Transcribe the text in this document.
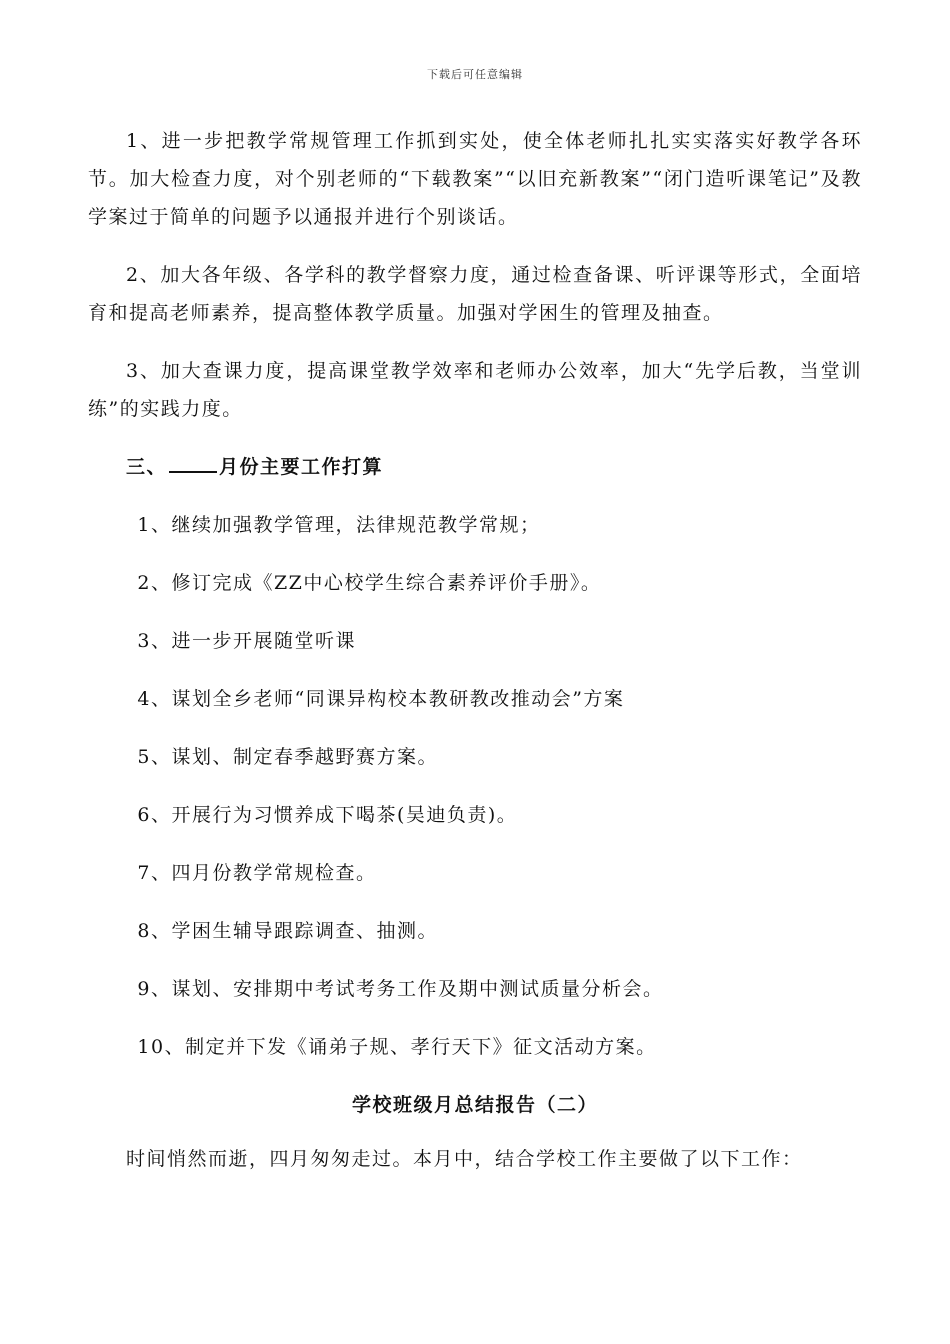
下载后可任意编辑

1、进一步把教学常规管理工作抓到实处，使全体老师扎扎实实落实好教学各环节。加大检查力度，对个别老师的“下载教案”“以旧充新教案”“闭门造听课笔记”及教学案过于简单的问题予以通报并进行个别谈话。

2、加大各年级、各学科的教学督察力度，通过检查备课、听评课等形式，全面培育和提高老师素养，提高整体教学质量。加强对学困生的管理及抽查。

3、加大查课力度，提高课堂教学效率和老师办公效率，加大“先学后教，当堂训练”的实践力度。

三、	月份主要工作打算

1、继续加强教学管理，法律规范教学常规；

2、修订完成《ZZ中心校学生综合素养评价手册》。

3、进一步开展随堂听课

4、谋划全乡老师“同课异构校本教研教改推动会”方案

5、谋划、制定春季越野赛方案。

6、开展行为习惯养成下喝茶(吴迪负责)。

7、四月份教学常规检查。

8、学困生辅导跟踪调查、抽测。

9、谋划、安排期中考试考务工作及期中测试质量分析会。

10、制定并下发《诵弟子规、孝行天下》征文活动方案。

学校班级月总结报告（二）

时间悄然而逝，四月匆匆走过。本月中，结合学校工作主要做了以下工作：
